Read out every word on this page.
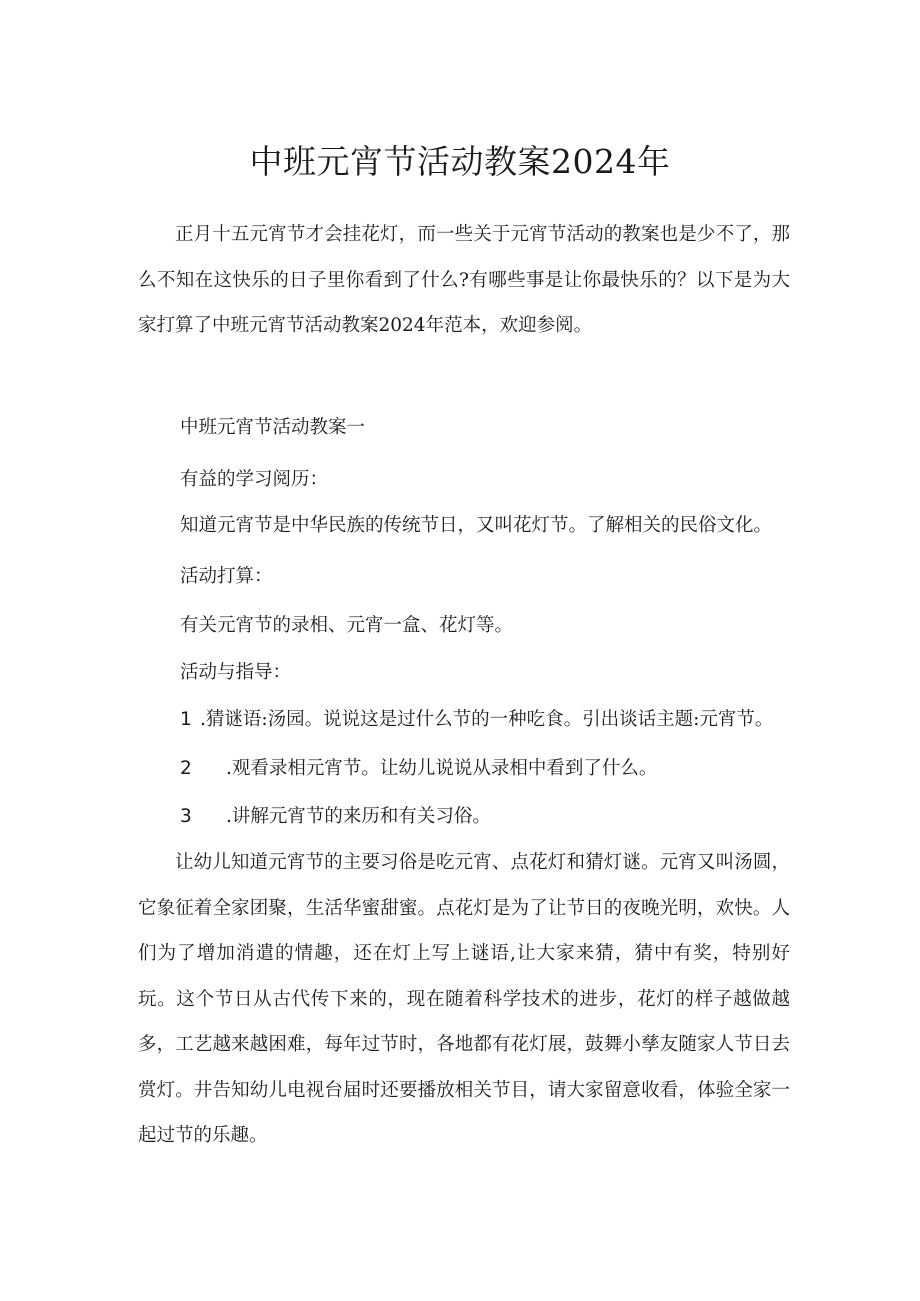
中班元宵节活动教案2024年

正月十五元宵节才会挂花灯，而一些关于元宵节活动的教案也是少不了，那么不知在这快乐的日子里你看到了什么?有哪些事是让你最快乐的？以下是为大家打算了中班元宵节活动教案2024年范本，欢迎参阅。

中班元宵节活动教案一

有益的学习阅历：

知道元宵节是中华民族的传统节日，又叫花灯节。了解相关的民俗文化。

活动打算：

有关元宵节的录相、元宵一盒、花灯等。

活动与指导：

1 .猜谜语:汤园。说说这是过什么节的一种吃食。引出谈话主题:元宵节。

2 .观看录相元宵节。让幼儿说说从录相中看到了什么。

3 .讲解元宵节的来历和有关习俗。

让幼儿知道元宵节的主要习俗是吃元宵、点花灯和猜灯谜。元宵又叫汤圆，它象征着全家团聚，生活华蜜甜蜜。点花灯是为了让节日的夜晚光明，欢快。人们为了增加消遣的情趣，还在灯上写上谜语,让大家来猜，猜中有奖，特别好玩。这个节日从古代传下来的，现在随着科学技术的进步，花灯的样子越做越多，工艺越来越困难，每年过节时，各地都有花灯展，鼓舞小孳友随家人节日去赏灯。井告知幼儿电视台届时还要播放相关节目，请大家留意收看，体验全家一起过节的乐趣。
